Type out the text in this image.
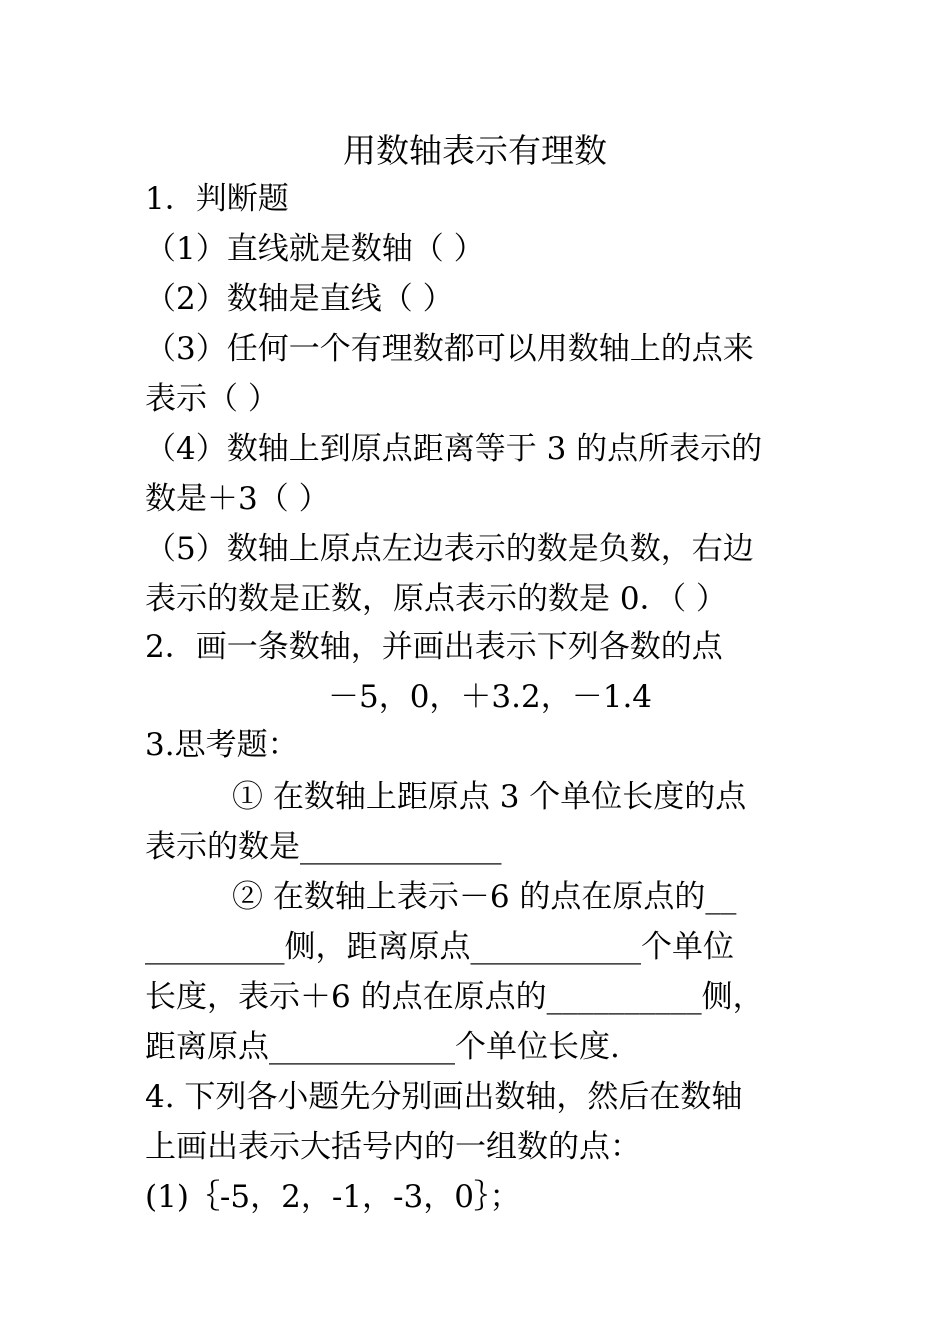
用数轴表示有理数
1．判断题
（1）直线就是数轴（ ）
（2）数轴是直线（ ）
（3）任何一个有理数都可以用数轴上的点来
表示（ ）
（4）数轴上到原点距离等于 3 的点所表示的
数是＋3（ ）
（5）数轴上原点左边表示的数是负数，右边
表示的数是正数，原点表示的数是 0．（ ）
2．画一条数轴，并画出表示下列各数的点
－5，0，＋3.2，－1.4
3.思考题：
① 在数轴上距原点 3 个单位长度的点
表示的数是_____________
② 在数轴上表示－6 的点在原点的__
_________侧，距离原点___________个单位
长度，表示＋6 的点在原点的__________侧，
距离原点____________个单位长度.
4. 下列各小题先分别画出数轴，然后在数轴
上画出表示大括号内的一组数的点：
(1)｛-5，2，-1，-3，0｝；
